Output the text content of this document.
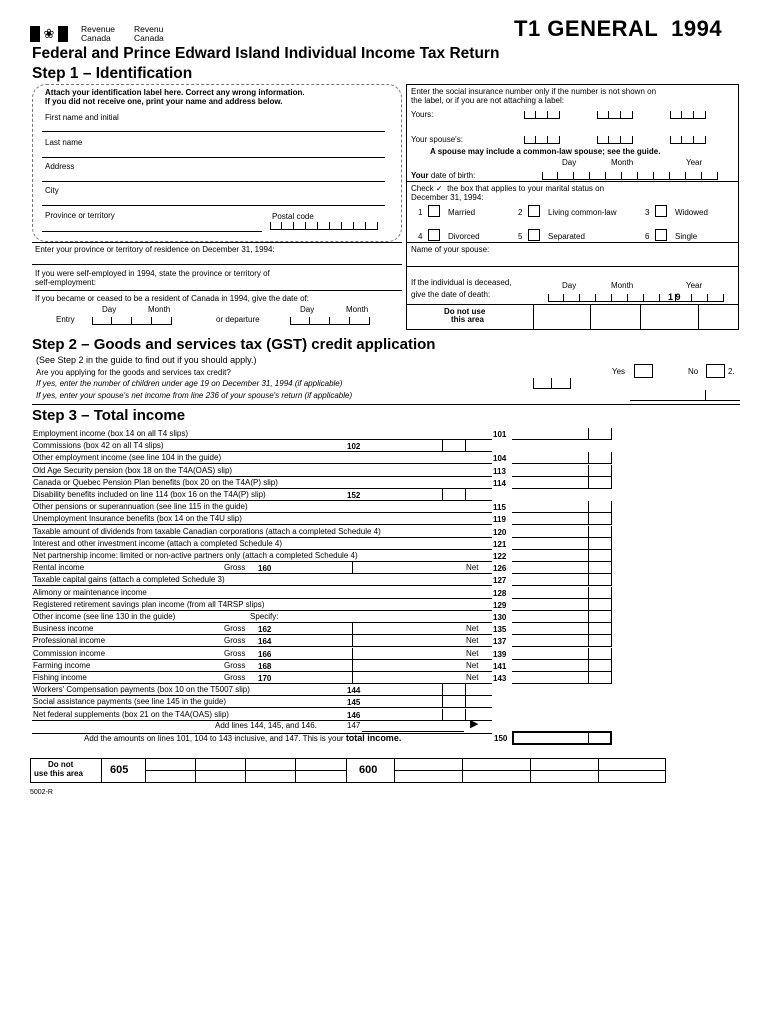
❀	Revenue
Canada
Revenu
Canada	T1 GENERAL  1994
Federal and Prince Edward Island Individual Income Tax Return
Step 1 – Identification
Attach your identification label here. Correct any wrong information.
If you did not receive one, print your name and address below.
First name and initial
Last name
Address
City
Province or territory	Postal code
Enter your province or territory of residence on December 31, 1994:
If you were self-employed in 1994, state the province or territory of
self-employment:
If you became or ceased to be a resident of Canada in 1994, give the date of:
Day	Month	Day	Month
Entry	or departure
Enter the social insurance number only if the number is not shown on
the label, or if you are not attaching a label:
Yours:
Your spouse's:
A spouse may include a common-law spouse; see the guide.
Day	Month	Year
Your date of birth:
Check ✓ the box that applies to your marital status on
December 31, 1994:
1	Married	2	Living common-law	3	Widowed
4	Divorced	5	Separated	6	Single
Name of your spouse:
If the individual is deceased,
give the date of death:
Day	Month	Year
1 9
Do not use
this area
Step 2 – Goods and services tax (GST) credit application
(See Step 2 in the guide to find out if you should apply.)
Are you applying for the goods and services tax credit?	Yes	No	2.
If yes, enter the number of children under age 19 on December 31, 1994 (if applicable)
If yes, enter your spouse's net income from line 236 of your spouse's return (if applicable)
Step 3 – Total income
Employment income (box 14 on all T4 slips)	101
Commissions (box 42 on all T4 slips)	102
Other employment income (see line 104 in the guide)	104
Old Age Security pension (box 18 on the T4A(OAS) slip)	113
Canada or Quebec Pension Plan benefits (box 20 on the T4A(P) slip)	114
Disability benefits included on line 114 (box 16 on the T4A(P) slip)	152
Other pensions or superannuation (see line 115 in the guide)	115
Unemployment Insurance benefits (box 14 on the T4U slip)	119
Taxable amount of dividends from taxable Canadian corporations (attach a completed Schedule 4)	120
Interest and other investment income (attach a completed Schedule 4)	121
Net partnership income: limited or non-active partners only (attach a completed Schedule 4)	122
Rental income	Gross 160	Net 126
Taxable capital gains (attach a completed Schedule 3)	127
Alimony or maintenance income	128
Registered retirement savings plan income (from all T4RSP slips)	129
Other income (see line 130 in the guide)	Specify:	130
Business income	Gross 162	Net 135
Professional income	Gross 164	Net 137
Commission income	Gross 166	Net 139
Farming income	Gross 168	Net 141
Fishing income	Gross 170	Net 143
Workers' Compensation payments (box 10 on the T5007 slip)	144
Social assistance payments (see line 145 in the guide)	145
Net federal supplements (box 21 on the T4A(OAS) slip)	146
Add lines 144, 145, and 146.	147	▶
Add the amounts on lines 101, 104 to 143 inclusive, and 147. This is your total income.	150
Do not
use this area 605	600
5002-R
